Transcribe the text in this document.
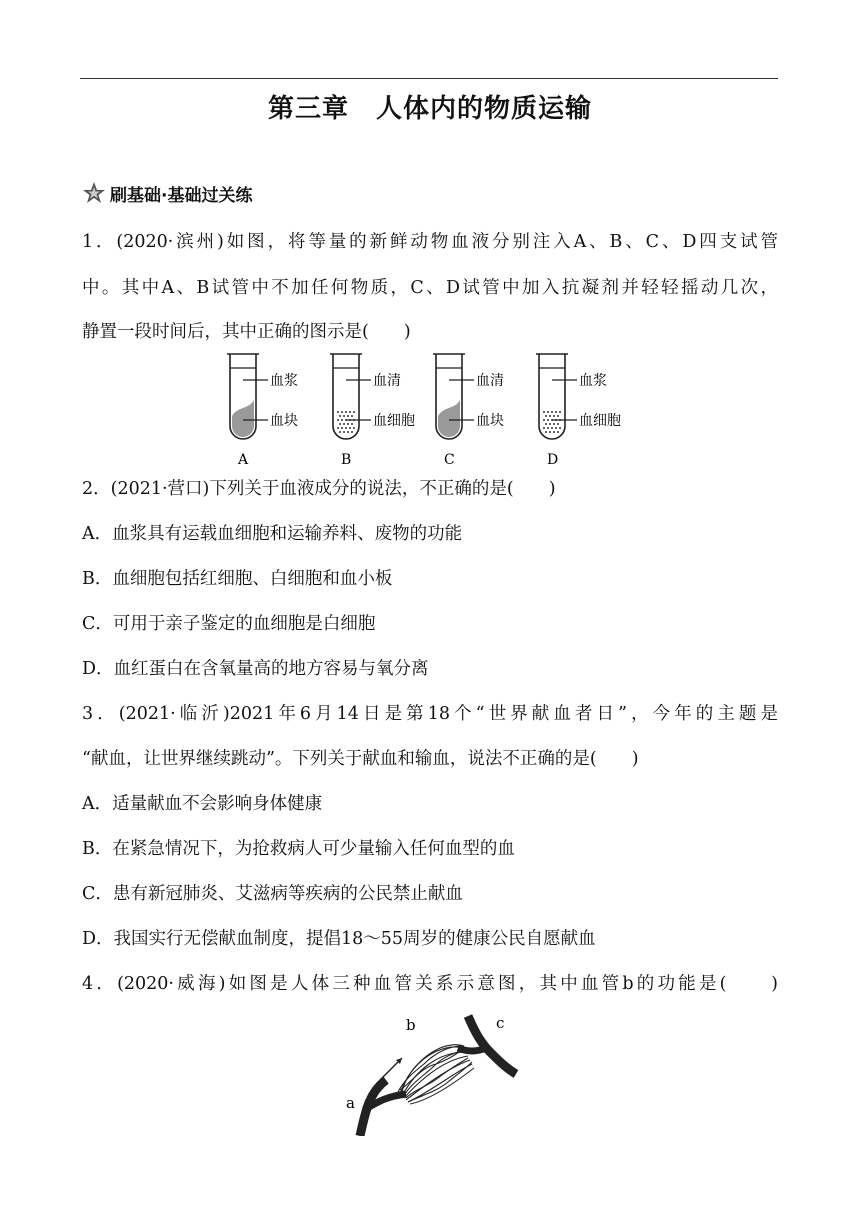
第三章　人体内的物质运输
刷基础·基础过关练
1．(2020·滨州)如图，将等量的新鲜动物血液分别注入A、B、C、D四支试管
中。其中A、B试管中不加任何物质，C、D试管中加入抗凝剂并轻轻摇动几次，
静置一段时间后，其中正确的图示是(　　)
血浆
血块
A
血清
血细胞
B
血清
血块
C
血浆
血细胞
D
2．(2021·营口)下列关于血液成分的说法，不正确的是(　　)
A．血浆具有运载血细胞和运输养料、废物的功能
B．血细胞包括红细胞、白细胞和血小板
C．可用于亲子鉴定的血细胞是白细胞
D．血红蛋白在含氧量高的地方容易与氧分离
3．(2021·临沂)2021年6月14日是第18个“世界献血者日”，今年的主题是
“献血，让世界继续跳动”。下列关于献血和输血，说法不正确的是(　　)
A．适量献血不会影响身体健康
B．在紧急情况下，为抢救病人可少量输入任何血型的血
C．患有新冠肺炎、艾滋病等疾病的公民禁止献血
D．我国实行无偿献血制度，提倡18～55周岁的健康公民自愿献血
4．(2020·威海)如图是人体三种血管关系示意图，其中血管b的功能是(　　)
a
b	c
